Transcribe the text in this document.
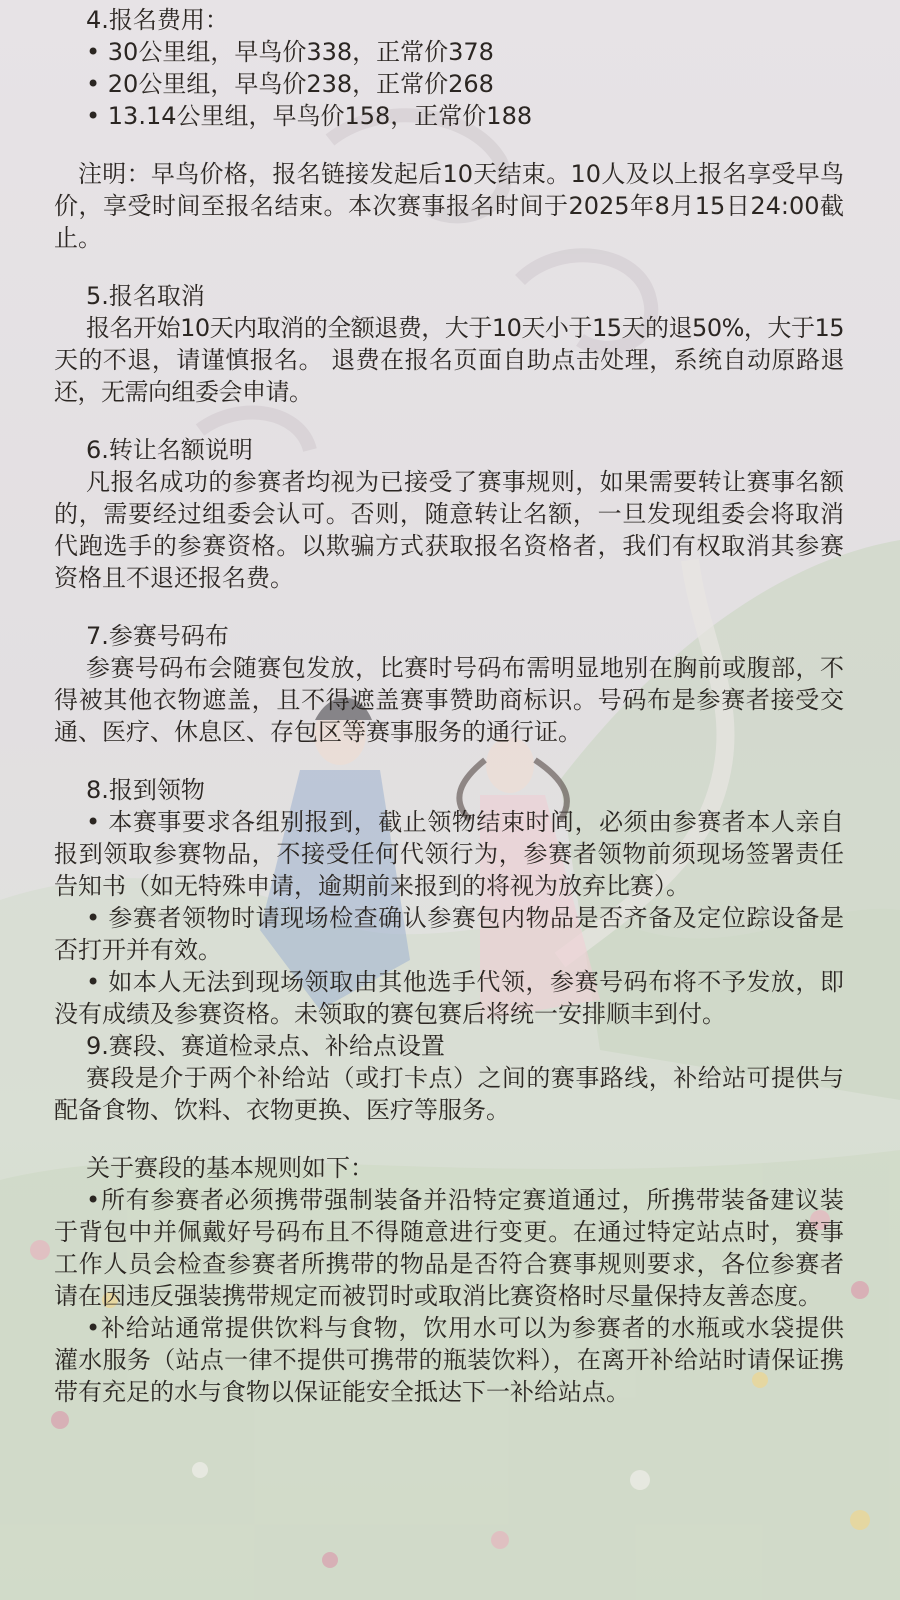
4.报名费用：

• 30公里组，早鸟价338，正常价378

• 20公里组，早鸟价238，正常价268

• 13.14公里组，早鸟价158，正常价188

注明：早鸟价格，报名链接发起后10天结束。10人及以上报名享受早鸟价，享受时间至报名结束。本次赛事报名时间于2025年8月15日24:00截止。

5.报名取消

报名开始10天内取消的全额退费，大于10天小于15天的退50%，大于15天的不退，请谨慎报名。 退费在报名页面自助点击处理，系统自动原路退还，无需向组委会申请。

6.转让名额说明

凡报名成功的参赛者均视为已接受了赛事规则，如果需要转让赛事名额的，需要经过组委会认可。否则，随意转让名额，一旦发现组委会将取消代跑选手的参赛资格。以欺骗方式获取报名资格者，我们有权取消其参赛资格且不退还报名费。

7.参赛号码布

参赛号码布会随赛包发放，比赛时号码布需明显地别在胸前或腹部，不得被其他衣物遮盖，且不得遮盖赛事赞助商标识。号码布是参赛者接受交通、医疗、休息区、存包区等赛事服务的通行证。

8.报到领物

• 本赛事要求各组别报到，截止领物结束时间，必须由参赛者本人亲自报到领取参赛物品，不接受任何代领行为，参赛者领物前须现场签署责任告知书（如无特殊申请，逾期前来报到的将视为放弃比赛）。

• 参赛者领物时请现场检查确认参赛包内物品是否齐备及定位踪设备是否打开并有效。

• 如本人无法到现场领取由其他选手代领，参赛号码布将不予发放，即没有成绩及参赛资格。未领取的赛包赛后将统一安排顺丰到付。

9.赛段、赛道检录点、补给点设置

赛段是介于两个补给站（或打卡点）之间的赛事路线，补给站可提供与配备食物、饮料、衣物更换、医疗等服务。

关于赛段的基本规则如下：

•所有参赛者必须携带强制装备并沿特定赛道通过，所携带装备建议装于背包中并佩戴好号码布且不得随意进行变更。在通过特定站点时，赛事工作人员会检查参赛者所携带的物品是否符合赛事规则要求，各位参赛者请在因违反强装携带规定而被罚时或取消比赛资格时尽量保持友善态度。

•补给站通常提供饮料与食物，饮用水可以为参赛者的水瓶或水袋提供灌水服务（站点一律不提供可携带的瓶装饮料），在离开补给站时请保证携带有充足的水与食物以保证能安全抵达下一补给站点。
